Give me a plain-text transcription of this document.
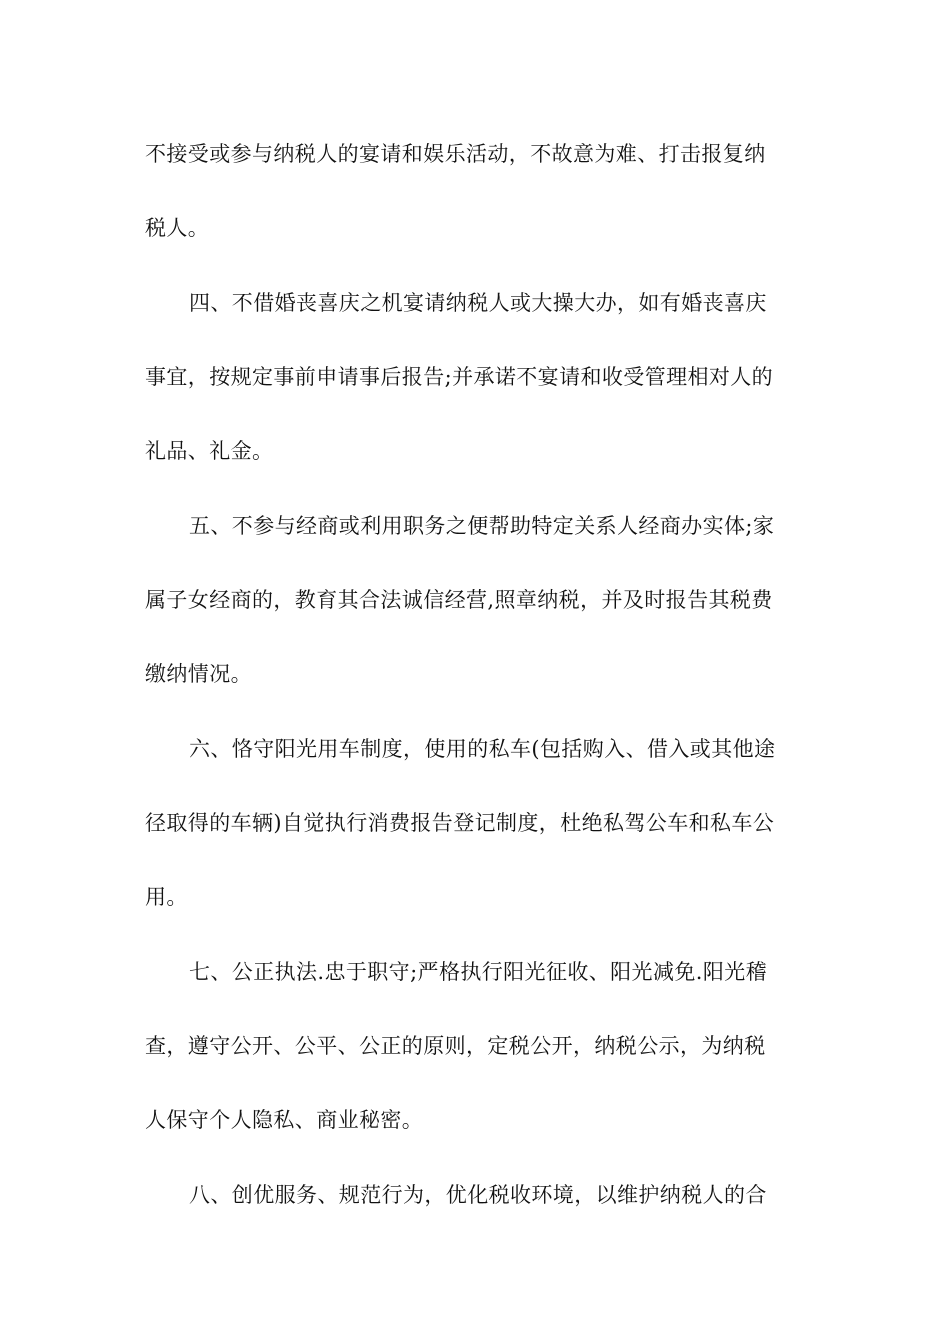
不接受或参与纳税人的宴请和娱乐活动，不故意为难、打击报复纳
税人。
四、不借婚丧喜庆之机宴请纳税人或大操大办，如有婚丧喜庆
事宜，按规定事前申请事后报告;并承诺不宴请和收受管理相对人的
礼品、礼金。
五、不参与经商或利用职务之便帮助特定关系人经商办实体;家
属子女经商的，教育其合法诚信经营,照章纳税，并及时报告其税费
缴纳情况。
六、恪守阳光用车制度，使用的私车(包括购入、借入或其他途
径取得的车辆)自觉执行消费报告登记制度，杜绝私驾公车和私车公
用。
七、公正执法.忠于职守;严格执行阳光征收、阳光减免.阳光稽
查，遵守公开、公平、公正的原则，定税公开，纳税公示，为纳税
人保守个人隐私、商业秘密。
八、创优服务、规范行为，优化税收环境，以维护纳税人的合
